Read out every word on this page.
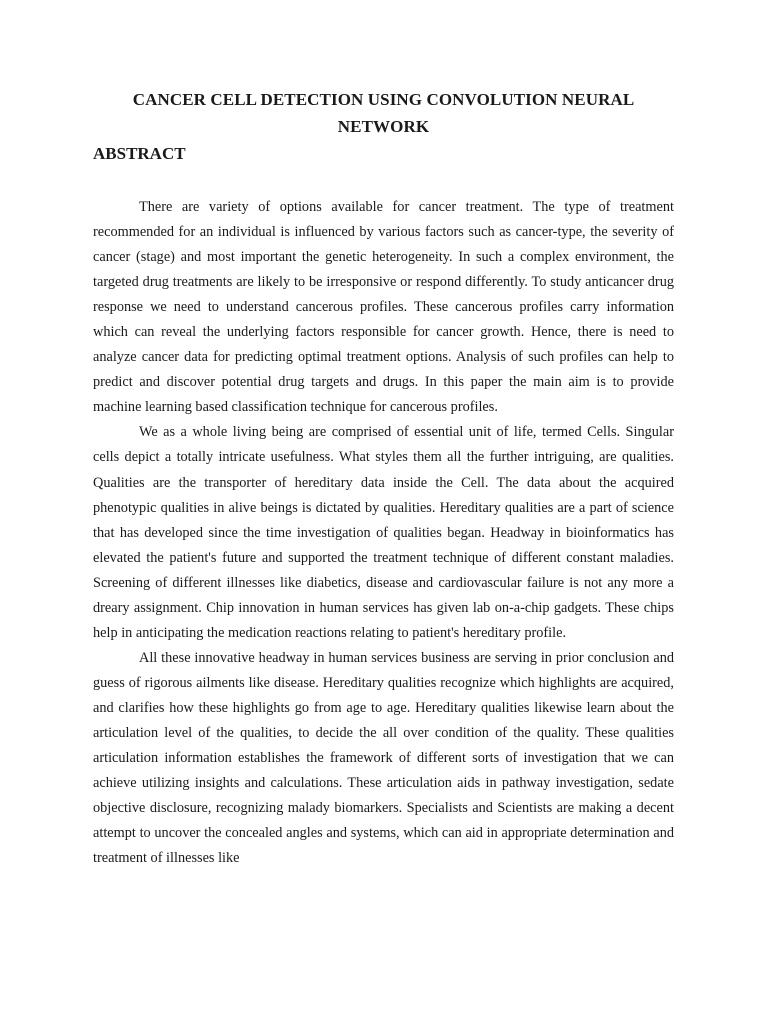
CANCER CELL DETECTION USING CONVOLUTION NEURAL NETWORK
ABSTRACT

There are variety of options available for cancer treatment. The type of treatment recommended for an individual is influenced by various factors such as cancer-type, the severity of cancer (stage) and most important the genetic heterogeneity. In such a complex environment, the targeted drug treatments are likely to be irresponsive or respond differently. To study anticancer drug response we need to understand cancerous profiles. These cancerous profiles carry information which can reveal the underlying factors responsible for cancer growth. Hence, there is need to analyze cancer data for predicting optimal treatment options. Analysis of such profiles can help to predict and discover potential drug targets and drugs. In this paper the main aim is to provide machine learning based classification technique for cancerous profiles.

We as a whole living being are comprised of essential unit of life, termed Cells. Singular cells depict a totally intricate usefulness. What styles them all the further intriguing, are qualities. Qualities are the transporter of hereditary data inside the Cell. The data about the acquired phenotypic qualities in alive beings is dictated by qualities. Hereditary qualities are a part of science that has developed since the time investigation of qualities began. Headway in bioinformatics has elevated the patient's future and supported the treatment technique of different constant maladies. Screening of different illnesses like diabetics, disease and cardiovascular failure is not any more a dreary assignment. Chip innovation in human services has given lab on-a-chip gadgets. These chips help in anticipating the medication reactions relating to patient's hereditary profile.

All these innovative headway in human services business are serving in prior conclusion and guess of rigorous ailments like disease. Hereditary qualities recognize which highlights are acquired, and clarifies how these highlights go from age to age. Hereditary qualities likewise learn about the articulation level of the qualities, to decide the all over condition of the quality. These qualities articulation information establishes the framework of different sorts of investigation that we can achieve utilizing insights and calculations. These articulation aids in pathway investigation, sedate objective disclosure, recognizing malady biomarkers. Specialists and Scientists are making a decent attempt to uncover the concealed angles and systems, which can aid in appropriate determination and treatment of illnesses like
